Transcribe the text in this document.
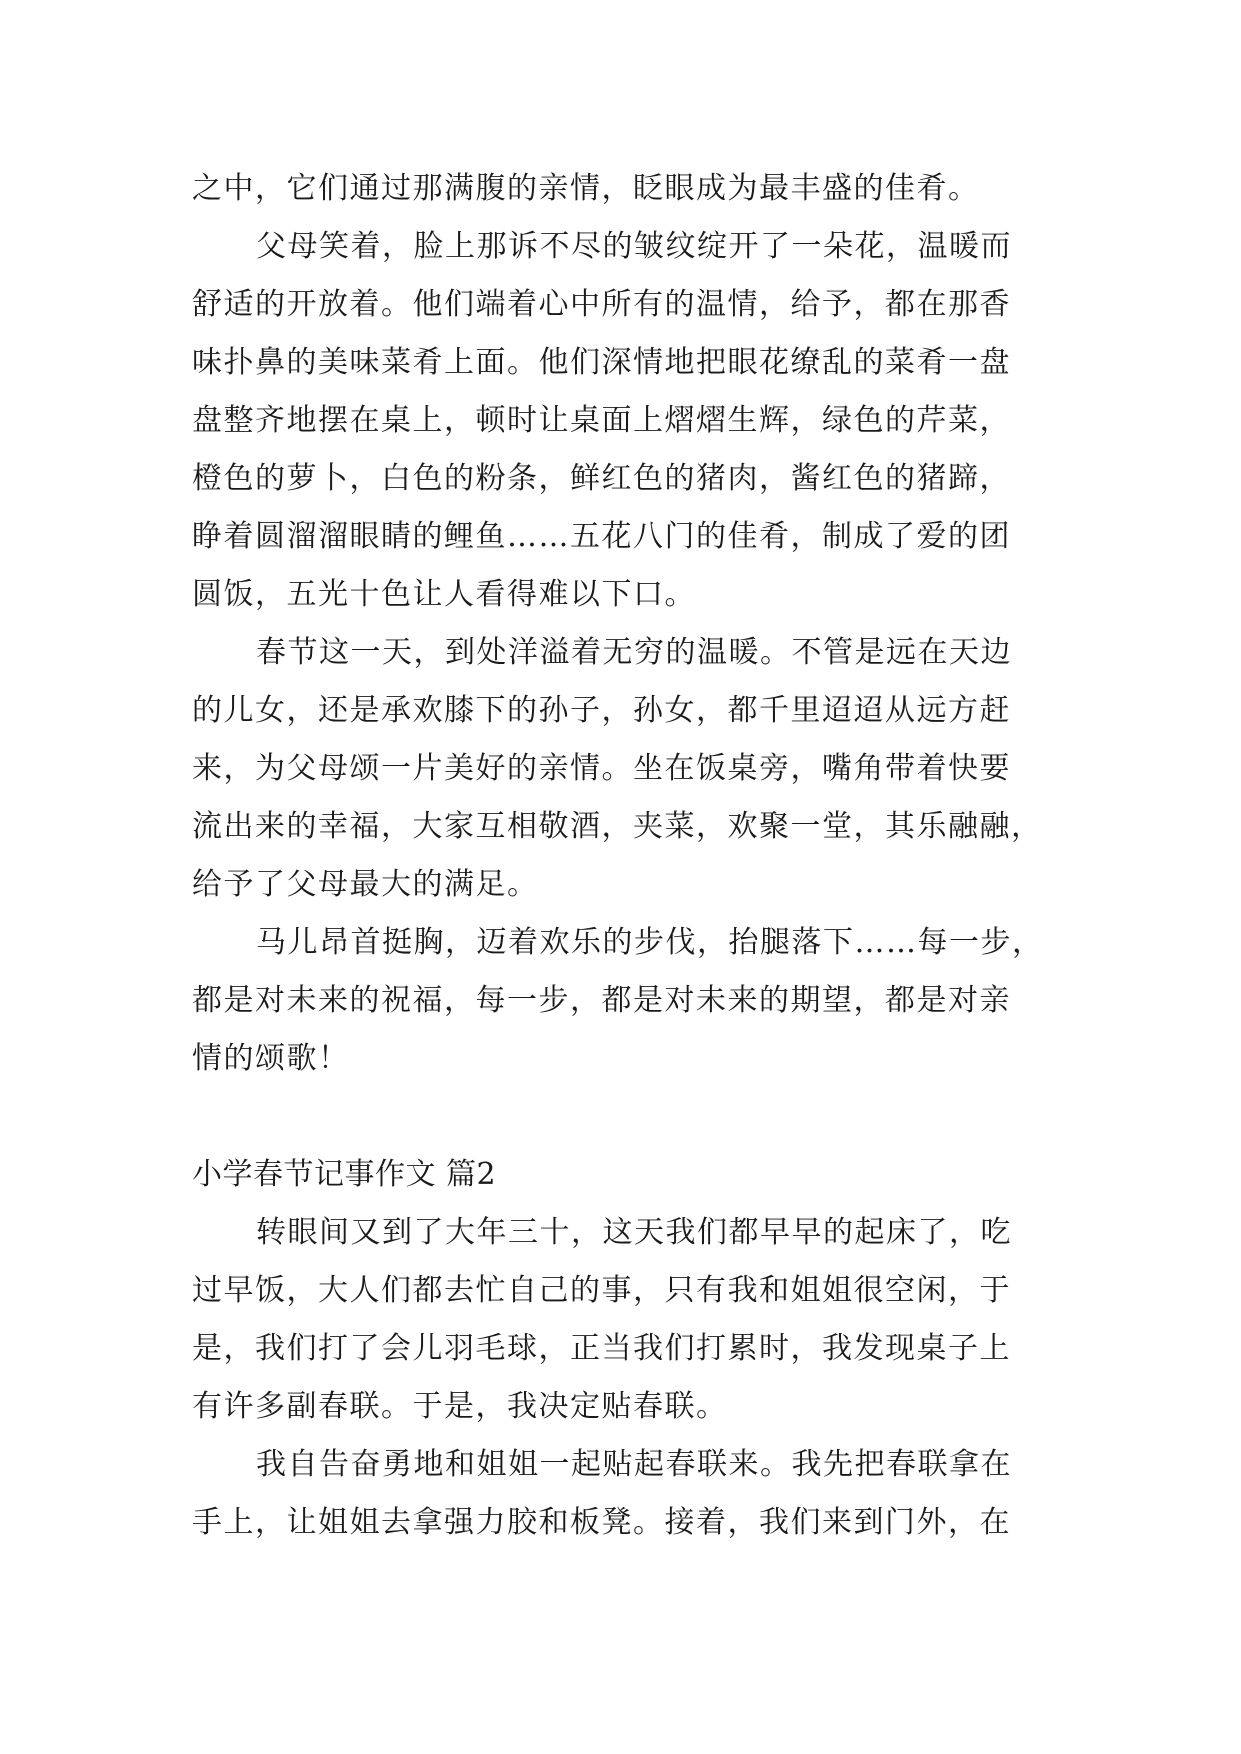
之中，它们通过那满腹的亲情，眨眼成为最丰盛的佳肴。
父母笑着，脸上那诉不尽的皱纹绽开了一朵花，温暖而
舒适的开放着。他们端着心中所有的温情，给予，都在那香
味扑鼻的美味菜肴上面。他们深情地把眼花缭乱的菜肴一盘
盘整齐地摆在桌上，顿时让桌面上熠熠生辉，绿色的芹菜，
橙色的萝卜，白色的粉条，鲜红色的猪肉，酱红色的猪蹄，
睁着圆溜溜眼睛的鲤鱼……五花八门的佳肴，制成了爱的团
圆饭，五光十色让人看得难以下口。
春节这一天，到处洋溢着无穷的温暖。不管是远在天边
的儿女，还是承欢膝下的孙子，孙女，都千里迢迢从远方赶
来，为父母颂一片美好的亲情。坐在饭桌旁，嘴角带着快要
流出来的幸福，大家互相敬酒，夹菜，欢聚一堂，其乐融融，
给予了父母最大的满足。
马儿昂首挺胸，迈着欢乐的步伐，抬腿落下……每一步，
都是对未来的祝福，每一步，都是对未来的期望，都是对亲
情的颂歌！
小学春节记事作文 篇2
转眼间又到了大年三十，这天我们都早早的起床了，吃
过早饭，大人们都去忙自己的事，只有我和姐姐很空闲，于
是，我们打了会儿羽毛球，正当我们打累时，我发现桌子上
有许多副春联。于是，我决定贴春联。
我自告奋勇地和姐姐一起贴起春联来。我先把春联拿在
手上，让姐姐去拿强力胶和板凳。接着，我们来到门外，在
